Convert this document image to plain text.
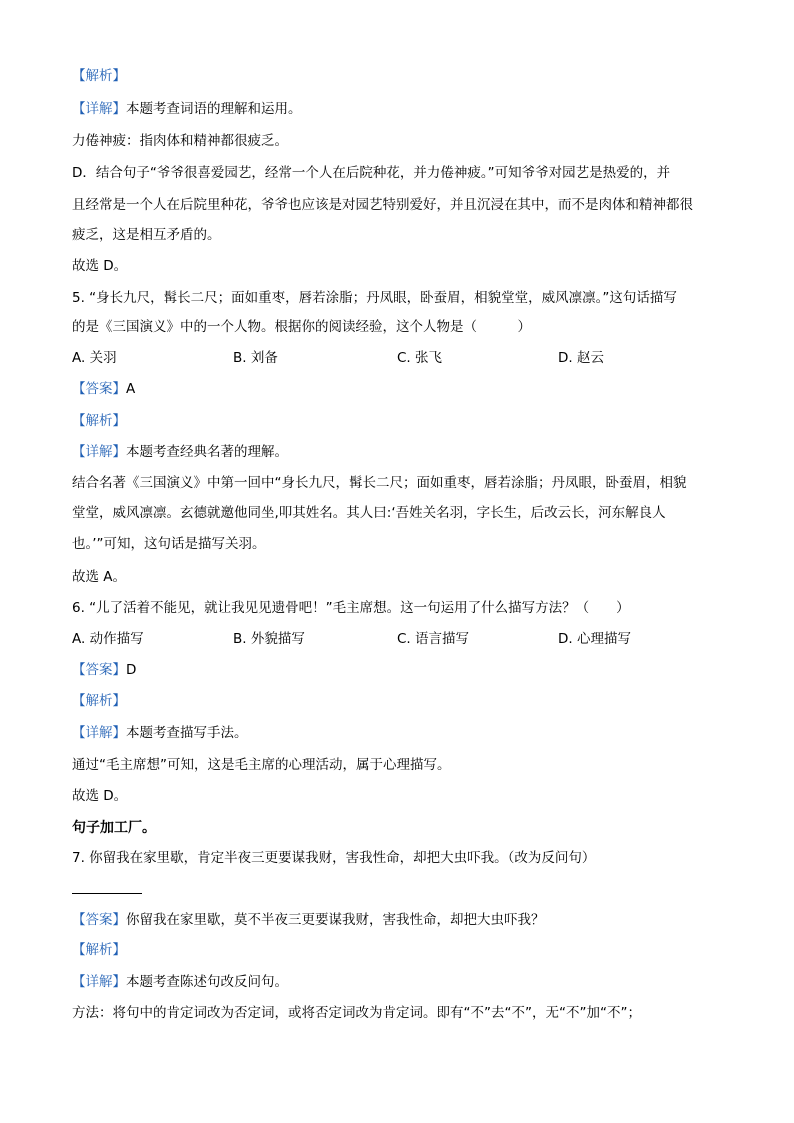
【解析】
【详解】本题考查词语的理解和运用。
力倦神疲：指肉体和精神都很疲乏。
D．结合句子“爷爷很喜爱园艺，经常一个人在后院种花，并力倦神疲。”可知爷爷对园艺是热爱的，并
且经常是一个人在后院里种花，爷爷也应该是对园艺特别爱好，并且沉浸在其中，而不是肉体和精神都很
疲乏，这是相互矛盾的。
故选 D。
5. “身长九尺，髯长二尺；面如重枣，唇若涂脂；丹凤眼，卧蚕眉，相貌堂堂，威风凛凛。”这句话描写
的是《三国演义》中的一个人物。根据你的阅读经验，这个人物是（　　　）
A. 关羽	B. 刘备	C. 张飞	D. 赵云
【答案】A
【解析】
【详解】本题考查经典名著的理解。
结合名著《三国演义》中第一回中“身长九尺，髯长二尺；面如重枣，唇若涂脂；丹凤眼，卧蚕眉，相貌
堂堂，威风凛凛。玄德就邀他同坐,叩其姓名。其人曰:‘吾姓关名羽，字长生，后改云长，河东解良人
也。’”可知，这句话是描写关羽。
故选 A。
6. “儿了活着不能见，就让我见见遗骨吧！”毛主席想。这一句运用了什么描写方法？（　　）
A. 动作描写	B. 外貌描写	C. 语言描写	D. 心理描写
【答案】D
【解析】
【详解】本题考查描写手法。
通过“毛主席想”可知，这是毛主席的心理活动，属于心理描写。
故选 D。
句子加工厂。
7. 你留我在家里歇，肯定半夜三更要谋我财，害我性命，却把大虫吓我。（改为反问句）
【答案】你留我在家里歇，莫不半夜三更要谋我财，害我性命，却把大虫吓我？
【解析】
【详解】本题考查陈述句改反问句。
方法：将句中的肯定词改为否定词，或将否定词改为肯定词。即有“不”去“不”，无“不”加“不”；
